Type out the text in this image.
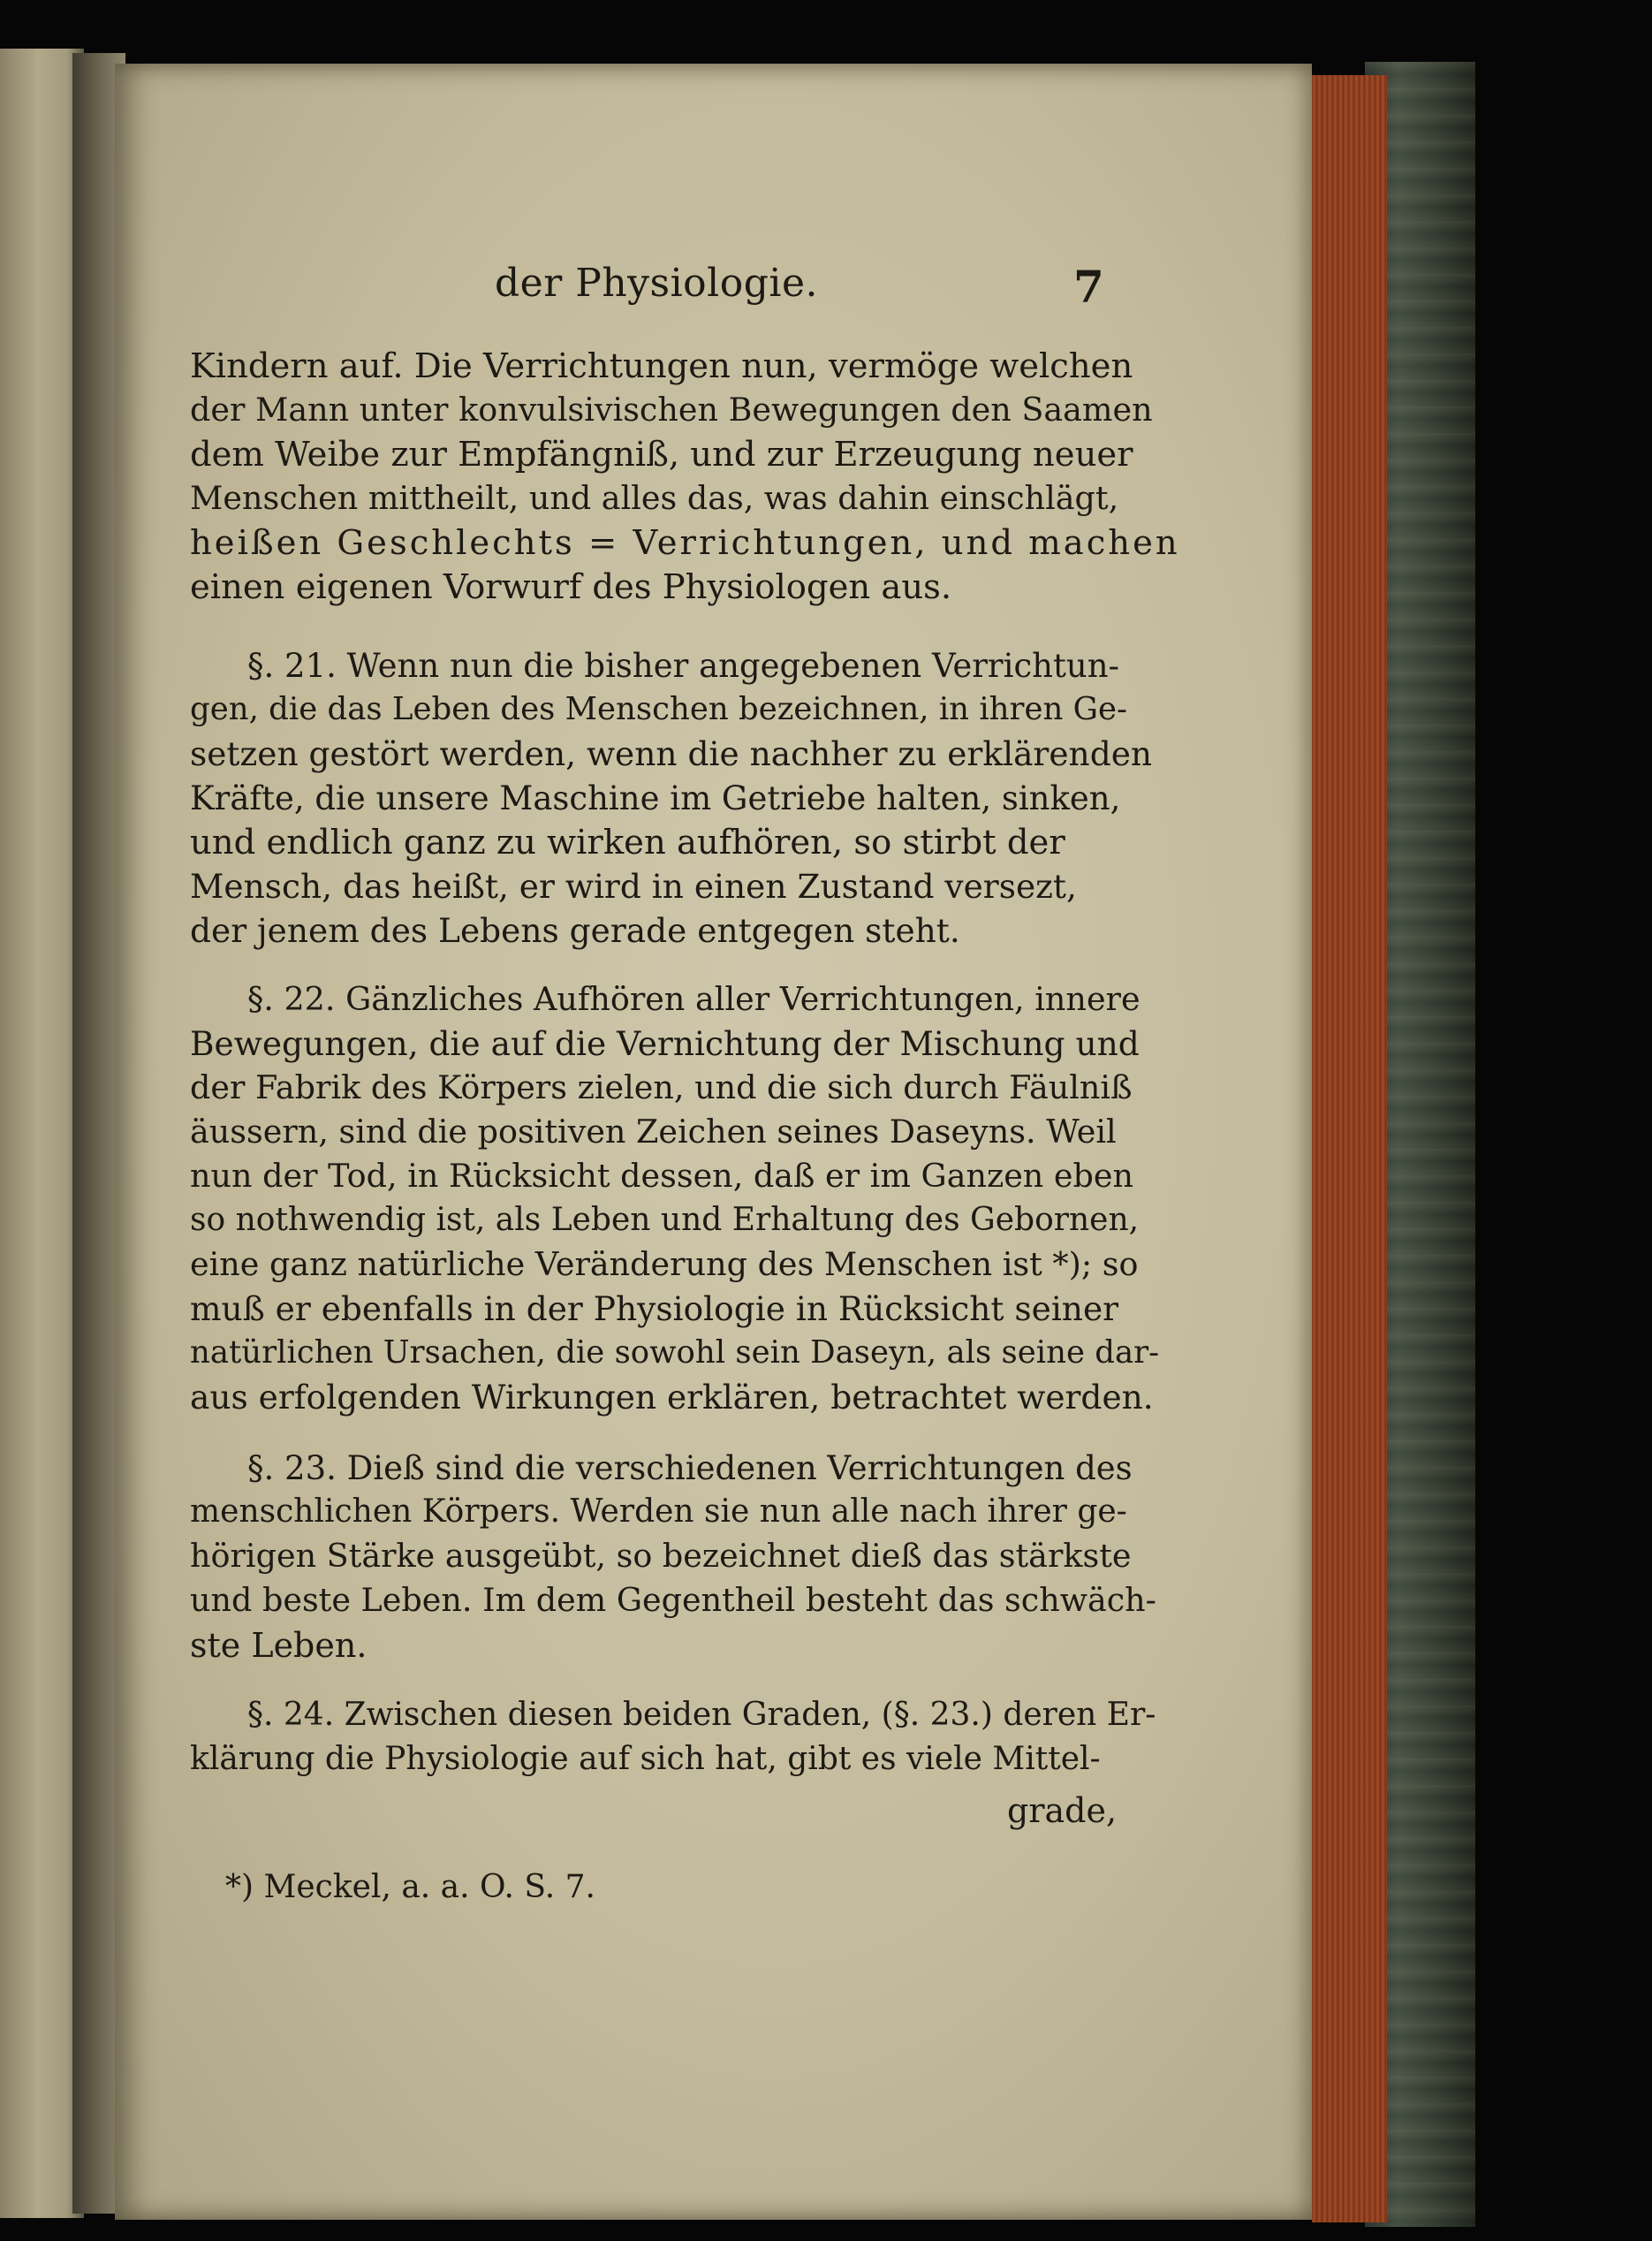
der Physiologie.	7
Kindern auf. Die Verrichtungen nun, vermöge welchen
der Mann unter konvulsivischen Bewegungen den Saamen
dem Weibe zur Empfängniß, und zur Erzeugung neuer
Menschen mittheilt, und alles das, was dahin einschlägt,
heißen Geschlechts = Verrichtungen, und machen
einen eigenen Vorwurf des Physiologen aus.
§. 21. Wenn nun die bisher angegebenen Verrichtun-
gen, die das Leben des Menschen bezeichnen, in ihren Ge-
setzen gestört werden, wenn die nachher zu erklärenden
Kräfte, die unsere Maschine im Getriebe halten, sinken,
und endlich ganz zu wirken aufhören, so stirbt der
Mensch, das heißt, er wird in einen Zustand versezt,
der jenem des Lebens gerade entgegen steht.
§. 22. Gänzliches Aufhören aller Verrichtungen, innere
Bewegungen, die auf die Vernichtung der Mischung und
der Fabrik des Körpers zielen, und die sich durch Fäulniß
äussern, sind die positiven Zeichen seines Daseyns. Weil
nun der Tod, in Rücksicht dessen, daß er im Ganzen eben
so nothwendig ist, als Leben und Erhaltung des Gebornen,
eine ganz natürliche Veränderung des Menschen ist *); so
muß er ebenfalls in der Physiologie in Rücksicht seiner
natürlichen Ursachen, die sowohl sein Daseyn, als seine dar-
aus erfolgenden Wirkungen erklären, betrachtet werden.
§. 23. Dieß sind die verschiedenen Verrichtungen des
menschlichen Körpers. Werden sie nun alle nach ihrer ge-
hörigen Stärke ausgeübt, so bezeichnet dieß das stärkste
und beste Leben. Im dem Gegentheil besteht das schwäch-
ste Leben.
§. 24. Zwischen diesen beiden Graden, (§. 23.) deren Er-
klärung die Physiologie auf sich hat, gibt es viele Mittel-
grade,
*) Meckel, a. a. O. S. 7.
